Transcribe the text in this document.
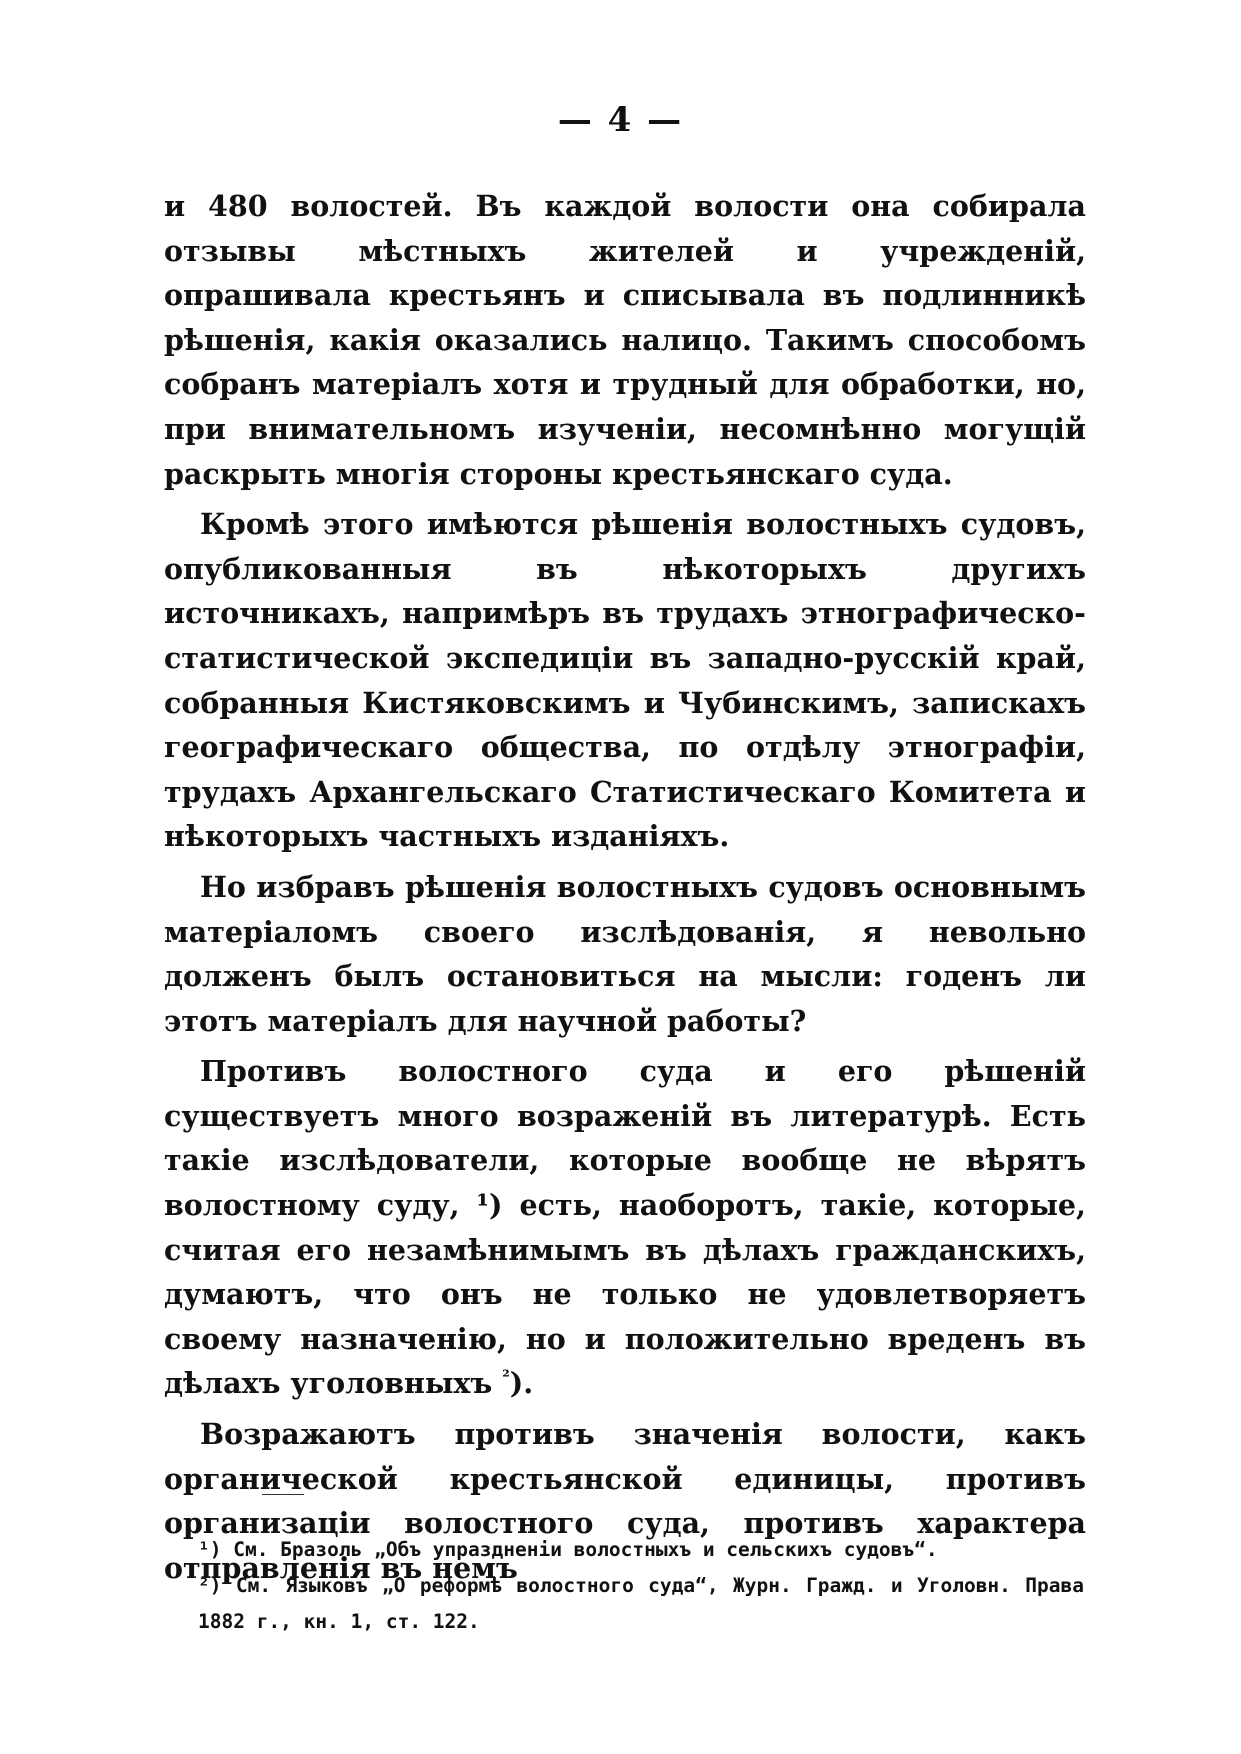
— 4 —

и 480 волостей. Въ каждой волости она собирала отзывы мѣстныхъ жителей и учрежденій, опрашивала крестьянъ и списывала въ подлинникѣ рѣшенія, какія оказались налицо. Такимъ способомъ собранъ матеріалъ хотя и трудный для обработки, но, при внимательномъ изученіи, несомнѣнно могущій раскрыть многія стороны крестьянскаго суда.

Кромѣ этого имѣются рѣшенія волостныхъ судовъ, опубликованныя въ нѣкоторыхъ другихъ источникахъ, напримѣръ въ трудахъ этнографическо-статистической экспедиціи въ западно-русскій край, собранныя Кистяковскимъ и Чубинскимъ, запискахъ географическаго общества, по отдѣлу этнографіи, трудахъ Архангельскаго Статистическаго Комитета и нѣкоторыхъ частныхъ изданіяхъ.

Но избравъ рѣшенія волостныхъ судовъ основнымъ матеріаломъ своего изслѣдованія, я невольно долженъ былъ остановиться на мысли: годенъ ли этотъ матеріалъ для научной работы?

Противъ волостного суда и его рѣшеній существуетъ много возраженій въ литературѣ. Есть такіе изслѣдователи, которые вообще не вѣрятъ волостному суду, ¹) есть, наоборотъ, такіе, которые, считая его незамѣнимымъ въ дѣлахъ гражданскихъ, думаютъ, что онъ не только не удовлетворяетъ своему назначенію, но и положительно вреденъ въ дѣлахъ уголовныхъ $^{^2}$).

Возражаютъ противъ значенія волости, какъ органической крестьянской единицы, противъ организаціи волостного суда, противъ характера отправленія въ немъ

¹) См. Бразоль „Объ упраздненіи волостныхъ и сельскихъ судовъ“.

²) См. Языковъ „О реформѣ волостного суда“, Журн. Гражд. и Уголовн. Права 1882 г., кн. 1, ст. 122.
